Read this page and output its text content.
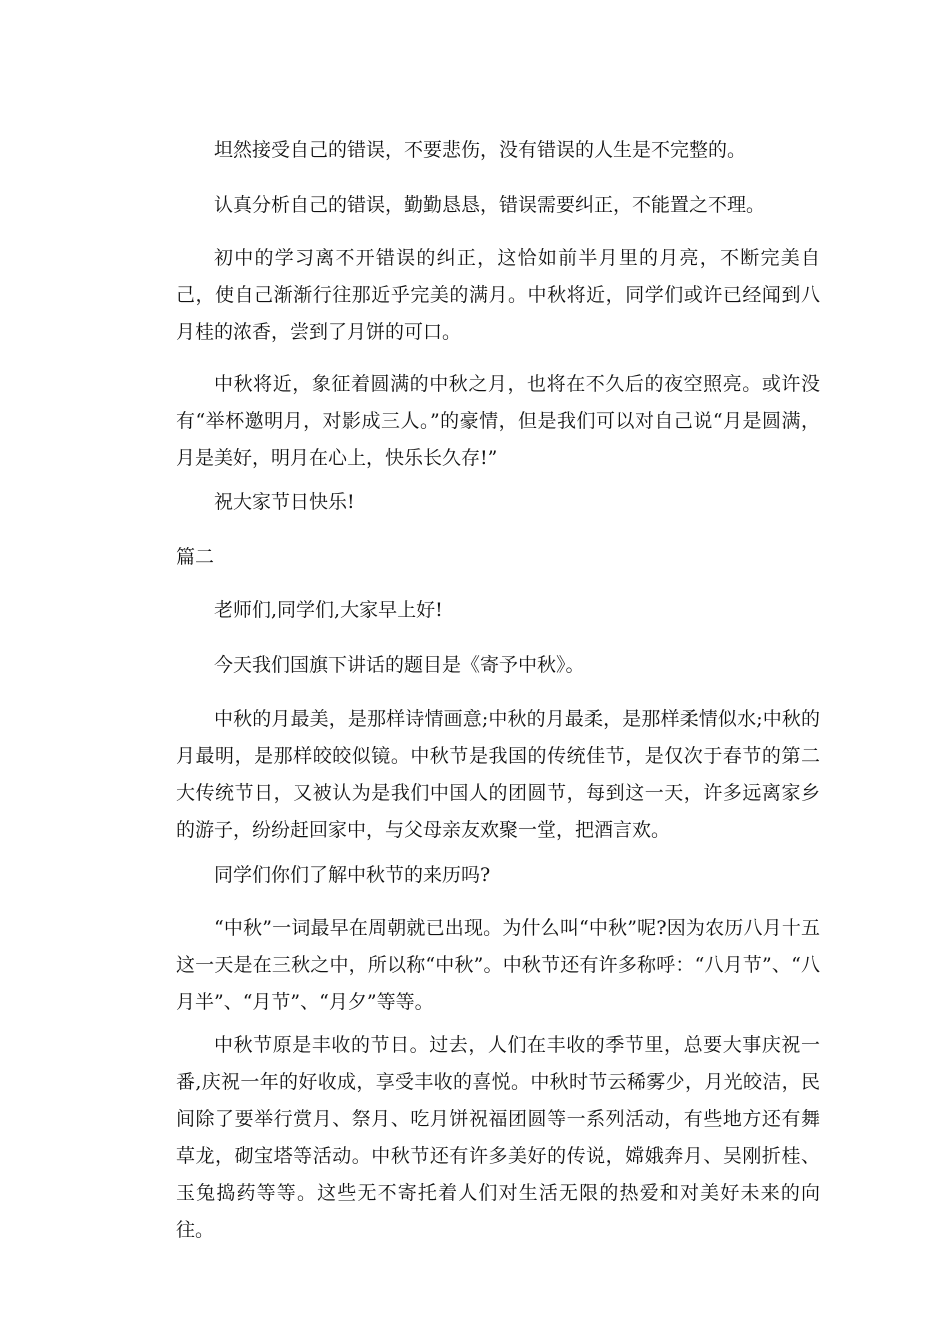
坦然接受自己的错误，不要悲伤，没有错误的人生是不完整的。

认真分析自己的错误，勤勤恳恳，错误需要纠正，不能置之不理。

初中的学习离不开错误的纠正，这恰如前半月里的月亮，不断完美自己，使自己渐渐行往那近乎完美的满月。中秋将近，同学们或许已经闻到八月桂的浓香，尝到了月饼的可口。

中秋将近，象征着圆满的中秋之月，也将在不久后的夜空照亮。或许没有“举杯邀明月，对影成三人。”的豪情，但是我们可以对自己说“月是圆满，月是美好，明月在心上，快乐长久存!”

祝大家节日快乐!

篇二

老师们,同学们,大家早上好!

今天我们国旗下讲话的题目是《寄予中秋》。

中秋的月最美，是那样诗情画意;中秋的月最柔，是那样柔情似水;中秋的月最明，是那样皎皎似镜。中秋节是我国的传统佳节，是仅次于春节的第二大传统节日，又被认为是我们中国人的团圆节，每到这一天，许多远离家乡的游子，纷纷赶回家中，与父母亲友欢聚一堂，把酒言欢。

同学们你们了解中秋节的来历吗?

“中秋”一词最早在周朝就已出现。为什么叫“中秋”呢?因为农历八月十五这一天是在三秋之中，所以称“中秋”。中秋节还有许多称呼：“八月节”、“八月半”、“月节”、“月夕”等等。

中秋节原是丰收的节日。过去，人们在丰收的季节里，总要大事庆祝一番,庆祝一年的好收成，享受丰收的喜悦。中秋时节云稀雾少，月光皎洁，民间除了要举行赏月、祭月、吃月饼祝福团圆等一系列活动，有些地方还有舞草龙，砌宝塔等活动。中秋节还有许多美好的传说，嫦娥奔月、吴刚折桂、玉兔捣药等等。这些无不寄托着人们对生活无限的热爱和对美好未来的向往。
